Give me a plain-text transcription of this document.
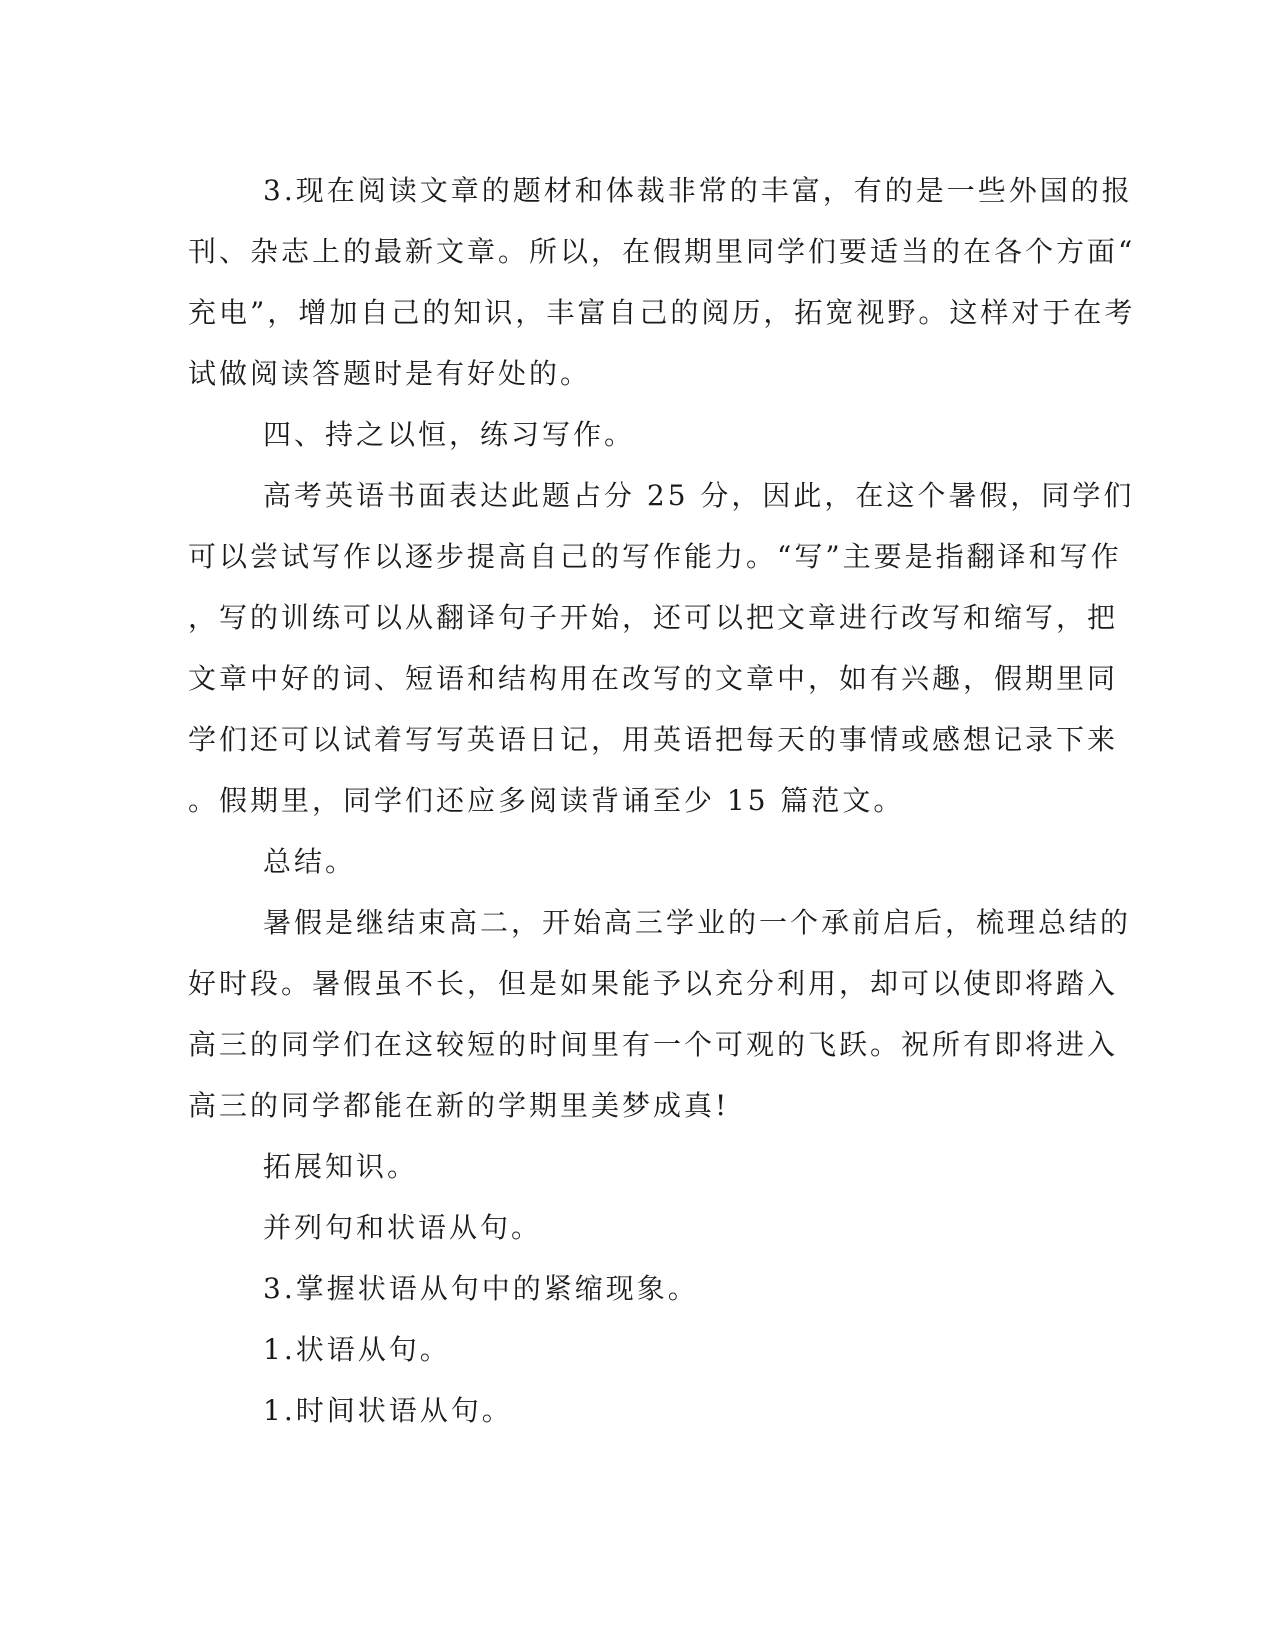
3.现在阅读文章的题材和体裁非常的丰富，有的是一些外国的报
刊、杂志上的最新文章。所以，在假期里同学们要适当的在各个方面“
充电”，增加自己的知识，丰富自己的阅历，拓宽视野。这样对于在考
试做阅读答题时是有好处的。

四、持之以恒，练习写作。

高考英语书面表达此题占分 25 分，因此，在这个暑假，同学们
可以尝试写作以逐步提高自己的写作能力。“写”主要是指翻译和写作
，写的训练可以从翻译句子开始，还可以把文章进行改写和缩写，把
文章中好的词、短语和结构用在改写的文章中，如有兴趣，假期里同
学们还可以试着写写英语日记，用英语把每天的事情或感想记录下来
。假期里，同学们还应多阅读背诵至少 15 篇范文。

总结。

暑假是继结束高二，开始高三学业的一个承前启后，梳理总结的
好时段。暑假虽不长，但是如果能予以充分利用，却可以使即将踏入
高三的同学们在这较短的时间里有一个可观的飞跃。祝所有即将进入
高三的同学都能在新的学期里美梦成真!

拓展知识。

并列句和状语从句。

3.掌握状语从句中的紧缩现象。

1.状语从句。

1.时间状语从句。
